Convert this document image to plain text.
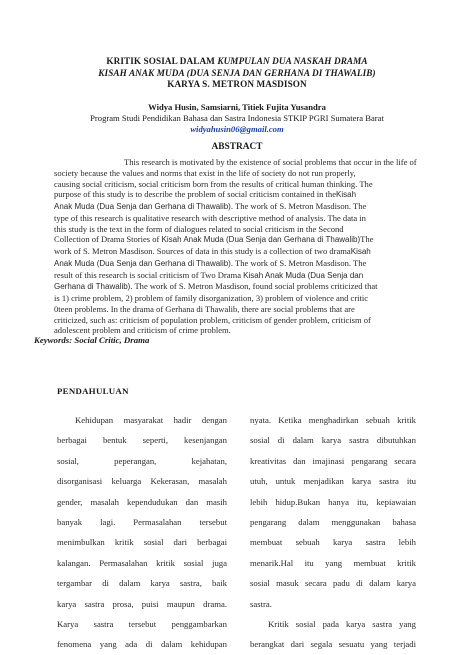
KRITIK SOSIAL DALAM KUMPULAN DUA NASKAH DRAMA
KISAH ANAK MUDA (DUA SENJA DAN GERHANA DI THAWALIB)
KARYA S. METRON MASDISON
Widya Husin, Samsiarni, Titiek Fujita Yusandra
Program Studi Pendidikan Bahasa dan Sastra Indonesia STKIP PGRI Sumatera Barat
widyahusin06@gmail.com
ABSTRACT
This research is motivated by the existence of social problems that occur in the life of
society because the values and norms that exist in the life of society do not run properly,
causing social criticism, social criticism born from the results of critical human thinking. The
purpose of this study is to describe the problem of social criticism contained in theKisah
Anak Muda (Dua Senja dan Gerhana di Thawalib). The work of S. Metron Masdison. The
type of this research is qualitative research with descriptive method of analysis. The data in
this study is the text in the form of dialogues related to social criticism in the Second
Collection of Drama Stories of Kisah Anak Muda (Dua Senja dan Gerhana di Thawalib)The
work of S. Metron Masdison. Sources of data in this study is a collection of two dramaKisah
Anak Muda (Dua Senja dan Gerhana di Thawalib). The work of S. Metron Masdison. The
result of this research is social criticism of Two Drama Kisah Anak Muda (Dua Senja dan
Gerhana di Thawalib). The work of S. Metron Masdison, found social problems criticized that
is 1) crime problem, 2) problem of family disorganization, 3) problem of violence and critic
0teen problems. In the drama of Gerhana di Thawalib, there are social problems that are
criticized, such as: criticism of population problem, criticism of gender problem, criticism of
adolescent problem and criticism of crime problem.
Keywords: Social Critic, Drama
PENDAHULUAN
Kehidupan masyarakat hadir dengan
berbagai bentuk seperti, kesenjangan
sosial, peperangan, kejahatan,
disorganisasi keluarga Kekerasan, masalah
gender, masalah kependudukan dan masih
banyak lagi. Permasalahan tersebut
menimbulkan kritik sosial dari berbagai
kalangan. Permasalahan kritik sosial juga
tergambar di dalam karya sastra, baik
karya sastra prosa, puisi maupun drama.
Karya sastra tersebut penggambarkan
fenomena yang ada di dalam kehidupan
nyata. Ketika menghadirkan sebuah kritik
sosial di dalam karya sastra dibutuhkan
kreativitas dan imajinasi pengarang secara
utuh, untuk menjadikan karya sastra itu
lebih hidup.Bukan hanya itu, kepiawaian
pengarang dalam menggunakan bahasa
membuat sebuah karya sastra lebih
menarik.Hal itu yang membuat kritik
sosial masuk secara padu di dalam karya
sastra.
Kritik sosial pada karya sastra yang
berangkat dari segala sesuatu yang terjadi
